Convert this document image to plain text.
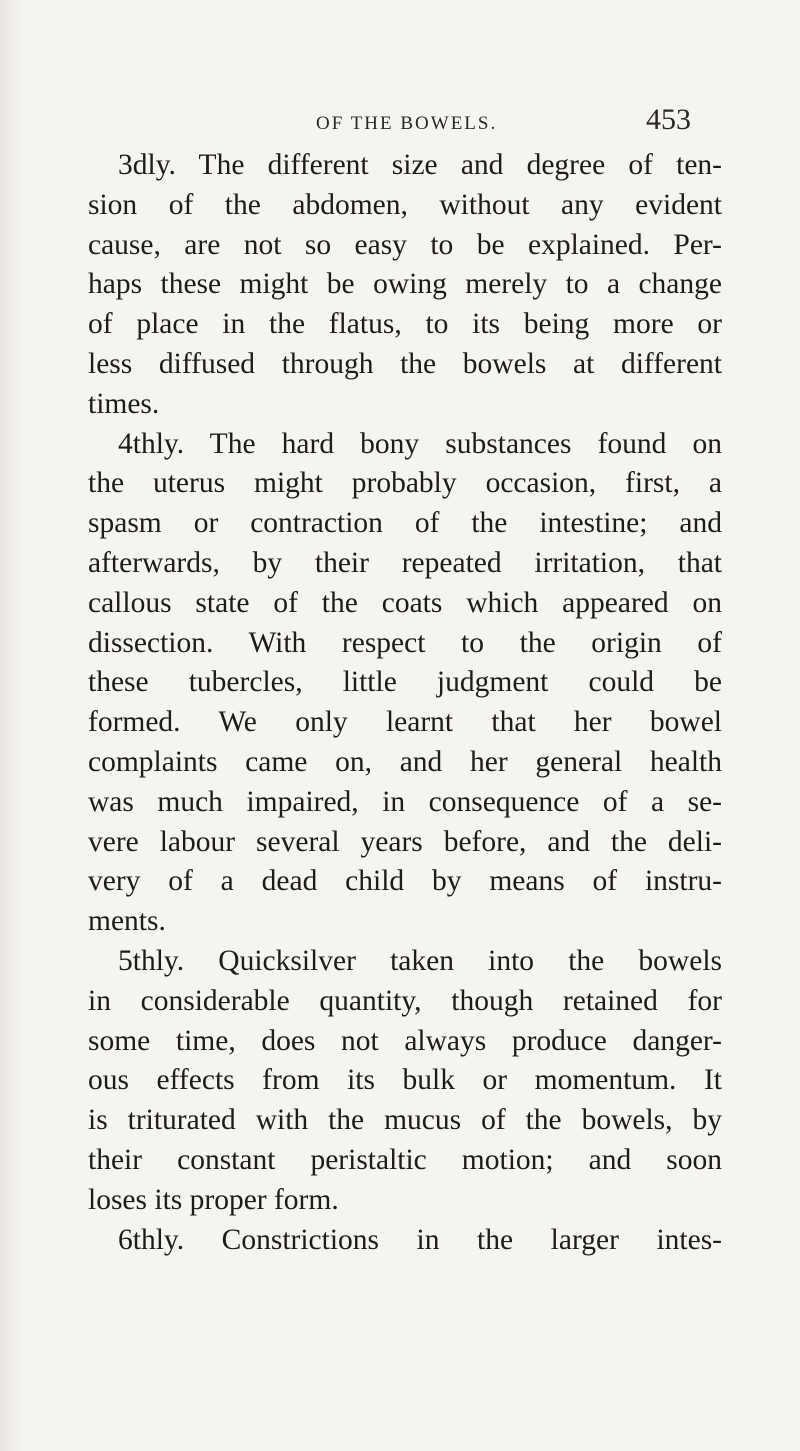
OF THE BOWELS.	453
3dly. The different size and degree of ten-
sion of the abdomen, without any evident
cause, are not so easy to be explained. Per-
haps these might be owing merely to a change
of place in the flatus, to its being more or
less diffused through the bowels at different
times.
4thly. The hard bony substances found on
the uterus might probably occasion, first, a
spasm or contraction of the intestine; and
afterwards, by their repeated irritation, that
callous state of the coats which appeared on
dissection. With respect to the origin of
these tubercles, little judgment could be
formed. We only learnt that her bowel
complaints came on, and her general health
was much impaired, in consequence of a se-
vere labour several years before, and the deli-
very of a dead child by means of instru-
ments.
5thly. Quicksilver taken into the bowels
in considerable quantity, though retained for
some time, does not always produce danger-
ous effects from its bulk or momentum. It
is triturated with the mucus of the bowels, by
their constant peristaltic motion; and soon
loses its proper form.
6thly. Constrictions in the larger intes-
